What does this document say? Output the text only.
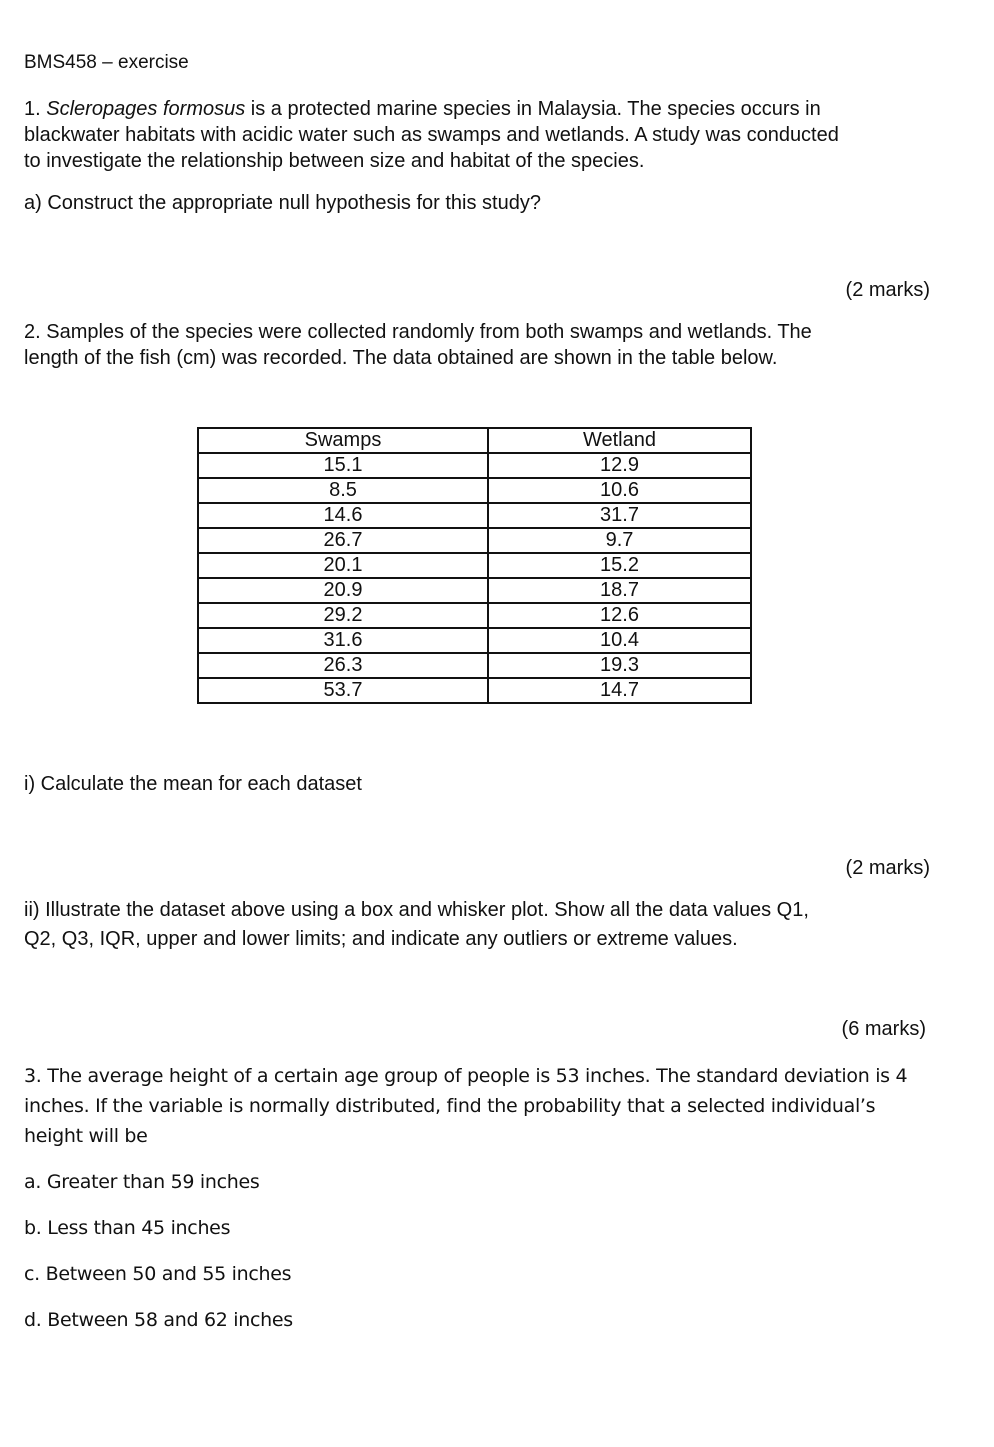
BMS458 – exercise
1. Scleropages formosus is a protected marine species in Malaysia. The species occurs in
blackwater habitats with acidic water such as swamps and wetlands. A study was conducted
to investigate the relationship between size and habitat of the species.
a) Construct the appropriate null hypothesis for this study?
(2 marks)
2. Samples of the species were collected randomly from both swamps and wetlands. The
length of the fish (cm) was recorded. The data obtained are shown in the table below.
Swamps	Wetland
15.1	12.9
8.5	10.6
14.6	31.7
26.7	9.7
20.1	15.2
20.9	18.7
29.2	12.6
31.6	10.4
26.3	19.3
53.7	14.7
i) Calculate the mean for each dataset
(2 marks)
ii) Illustrate the dataset above using a box and whisker plot. Show all the data values Q1,
Q2, Q3, IQR, upper and lower limits; and indicate any outliers or extreme values.
(6 marks)
3. The average height of a certain age group of people is 53 inches. The standard deviation is 4
inches. If the variable is normally distributed, find the probability that a selected individual’s
height will be
a. Greater than 59 inches
b. Less than 45 inches
c. Between 50 and 55 inches
d. Between 58 and 62 inches
